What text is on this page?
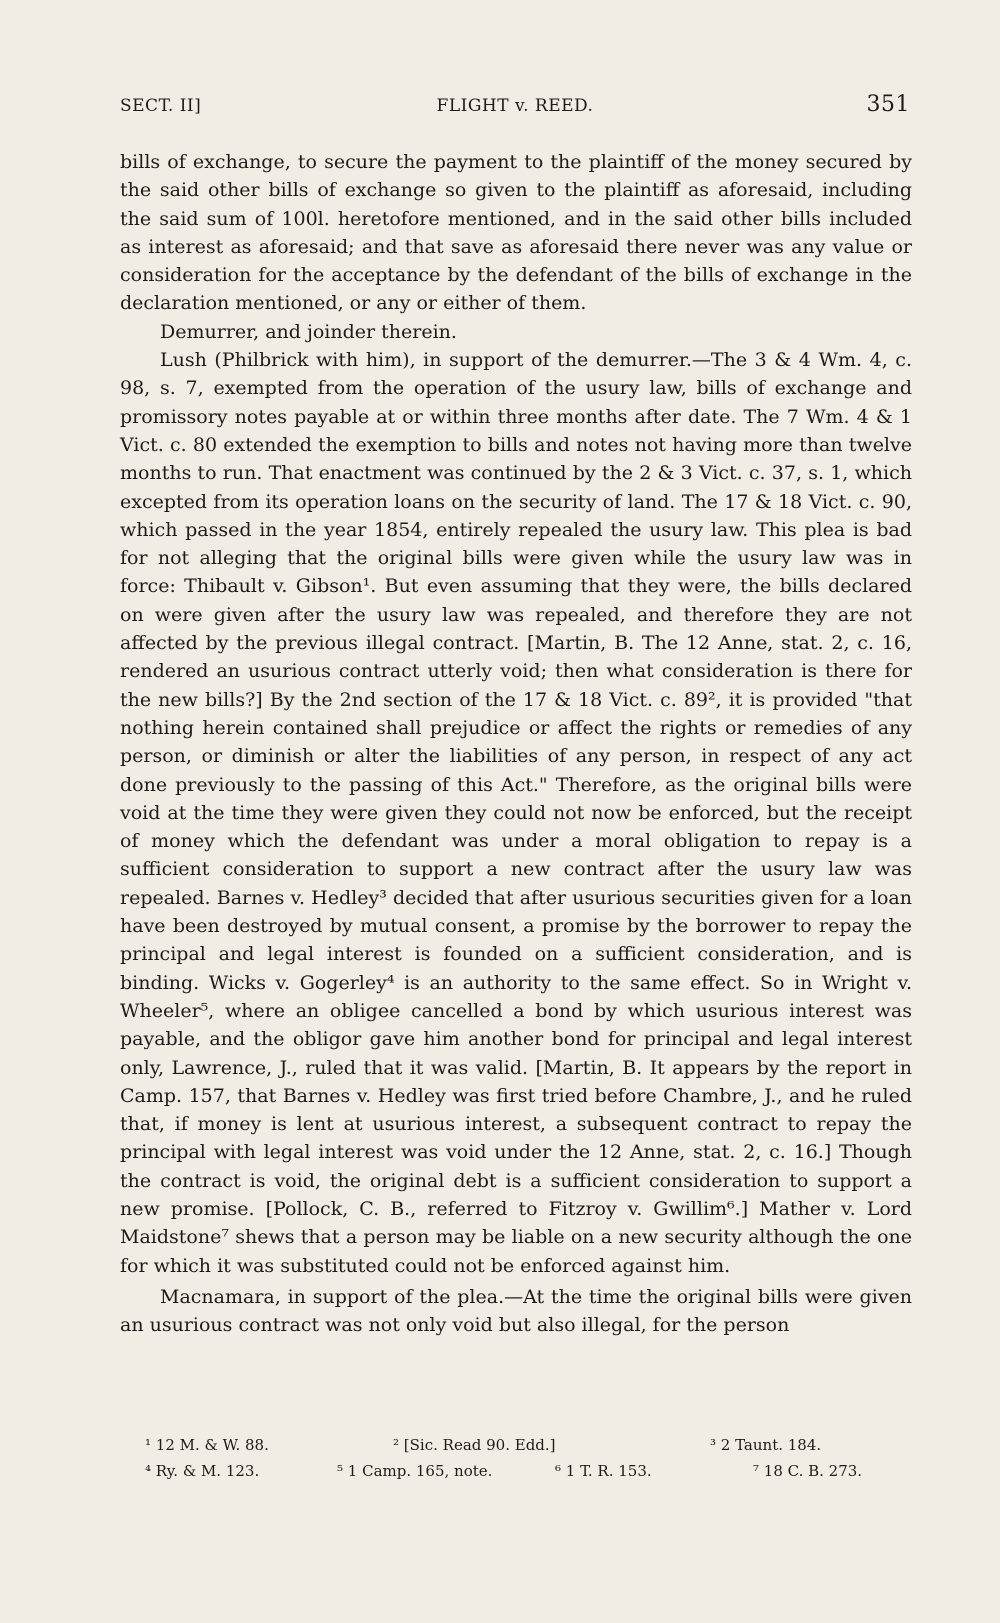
SECT. II]	FLIGHT v. REED.	351

bills of exchange, to secure the payment to the plaintiff of the money secured by the said other bills of exchange so given to the plaintiff as aforesaid, including the said sum of 100l. heretofore mentioned, and in the said other bills included as interest as aforesaid; and that save as aforesaid there never was any value or consideration for the acceptance by the defendant of the bills of exchange in the declaration mentioned, or any or either of them.

Demurrer, and joinder therein.

Lush (Philbrick with him), in support of the demurrer.—The 3 & 4 Wm. 4, c. 98, s. 7, exempted from the operation of the usury law, bills of exchange and promissory notes payable at or within three months after date. The 7 Wm. 4 & 1 Vict. c. 80 extended the exemption to bills and notes not having more than twelve months to run. That enactment was continued by the 2 & 3 Vict. c. 37, s. 1, which excepted from its operation loans on the security of land. The 17 & 18 Vict. c. 90, which passed in the year 1854, entirely repealed the usury law. This plea is bad for not alleging that the original bills were given while the usury law was in force: Thibault v. Gibson¹. But even assuming that they were, the bills declared on were given after the usury law was repealed, and therefore they are not affected by the previous illegal contract. [Martin, B. The 12 Anne, stat. 2, c. 16, rendered an usurious contract utterly void; then what consideration is there for the new bills?] By the 2nd section of the 17 & 18 Vict. c. 89², it is provided "that nothing herein contained shall prejudice or affect the rights or remedies of any person, or diminish or alter the liabilities of any person, in respect of any act done previously to the passing of this Act." Therefore, as the original bills were void at the time they were given they could not now be enforced, but the receipt of money which the defendant was under a moral obligation to repay is a sufficient consideration to support a new contract after the usury law was repealed. Barnes v. Hedley³ decided that after usurious securities given for a loan have been destroyed by mutual consent, a promise by the borrower to repay the principal and legal interest is founded on a sufficient consideration, and is binding. Wicks v. Gogerley⁴ is an authority to the same effect. So in Wright v. Wheeler⁵, where an obligee cancelled a bond by which usurious interest was payable, and the obligor gave him another bond for principal and legal interest only, Lawrence, J., ruled that it was valid. [Martin, B. It appears by the report in Camp. 157, that Barnes v. Hedley was first tried before Chambre, J., and he ruled that, if money is lent at usurious interest, a subsequent contract to repay the principal with legal interest was void under the 12 Anne, stat. 2, c. 16.] Though the contract is void, the original debt is a sufficient consideration to support a new promise. [Pollock, C. B., referred to Fitzroy v. Gwillim⁶.] Mather v. Lord Maidstone⁷ shews that a person may be liable on a new security although the one for which it was substituted could not be enforced against him.

Macnamara, in support of the plea.—At the time the original bills were given an usurious contract was not only void but also illegal, for the person

¹ 12 M. & W. 88.	² [Sic. Read 90. Edd.]	³ 2 Taunt. 184.
⁴ Ry. & M. 123.	⁵ 1 Camp. 165, note.	⁶ 1 T. R. 153.	⁷ 18 C. B. 273.
